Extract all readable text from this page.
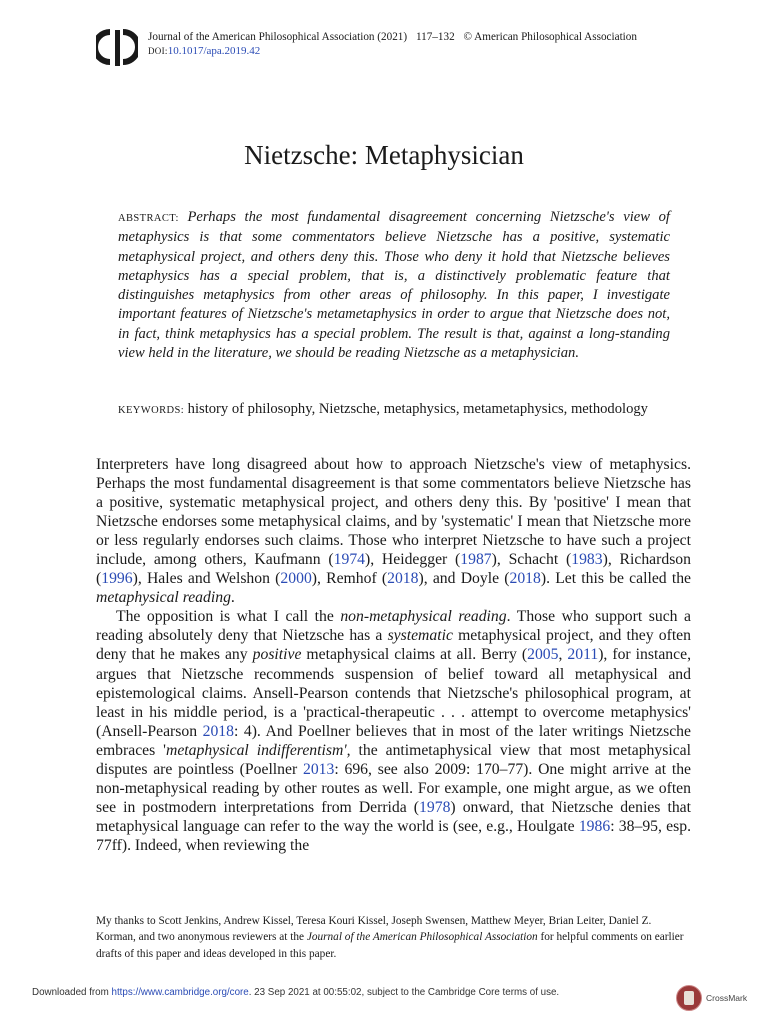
Journal of the American Philosophical Association (2021) 117–132 © American Philosophical Association
DOI:10.1017/apa.2019.42
Nietzsche: Metaphysician
ABSTRACT: Perhaps the most fundamental disagreement concerning Nietzsche's view of metaphysics is that some commentators believe Nietzsche has a positive, systematic metaphysical project, and others deny this. Those who deny it hold that Nietzsche believes metaphysics has a special problem, that is, a distinctively problematic feature that distinguishes metaphysics from other areas of philosophy. In this paper, I investigate important features of Nietzsche's metametaphysics in order to argue that Nietzsche does not, in fact, think metaphysics has a special problem. The result is that, against a long-standing view held in the literature, we should be reading Nietzsche as a metaphysician.
KEYWORDS: history of philosophy, Nietzsche, metaphysics, metametaphysics, methodology

Interpreters have long disagreed about how to approach Nietzsche's view of metaphysics. Perhaps the most fundamental disagreement is that some commentators believe Nietzsche has a positive, systematic metaphysical project, and others deny this. By 'positive' I mean that Nietzsche endorses some metaphysical claims, and by 'systematic' I mean that Nietzsche more or less regularly endorses such claims. Those who interpret Nietzsche to have such a project include, among others, Kaufmann (1974), Heidegger (1987), Schacht (1983), Richardson (1996), Hales and Welshon (2000), Remhof (2018), and Doyle (2018). Let this be called the metaphysical reading.

The opposition is what I call the non-metaphysical reading. Those who support such a reading absolutely deny that Nietzsche has a systematic metaphysical project, and they often deny that he makes any positive metaphysical claims at all. Berry (2005, 2011), for instance, argues that Nietzsche recommends suspension of belief toward all metaphysical and epistemological claims. Ansell-Pearson contends that Nietzsche's philosophical program, at least in his middle period, is a 'practical-therapeutic . . . attempt to overcome metaphysics' (Ansell-Pearson 2018: 4). And Poellner believes that in most of the later writings Nietzsche embraces 'metaphysical indifferentism', the antimetaphysical view that most metaphysical disputes are pointless (Poellner 2013: 696, see also 2009: 170–77). One might arrive at the non-metaphysical reading by other routes as well. For example, one might argue, as we often see in postmodern interpretations from Derrida (1978) onward, that Nietzsche denies that metaphysical language can refer to the way the world is (see, e.g., Houlgate 1986: 38–95, esp. 77ff). Indeed, when reviewing the

My thanks to Scott Jenkins, Andrew Kissel, Teresa Kouri Kissel, Joseph Swensen, Matthew Meyer, Brian Leiter, Daniel Z. Korman, and two anonymous reviewers at the Journal of the American Philosophical Association for helpful comments on earlier drafts of this paper and ideas developed in this paper.
Downloaded from https://www.cambridge.org/core. 23 Sep 2021 at 00:55:02, subject to the Cambridge Core terms of use.	CrossMark
